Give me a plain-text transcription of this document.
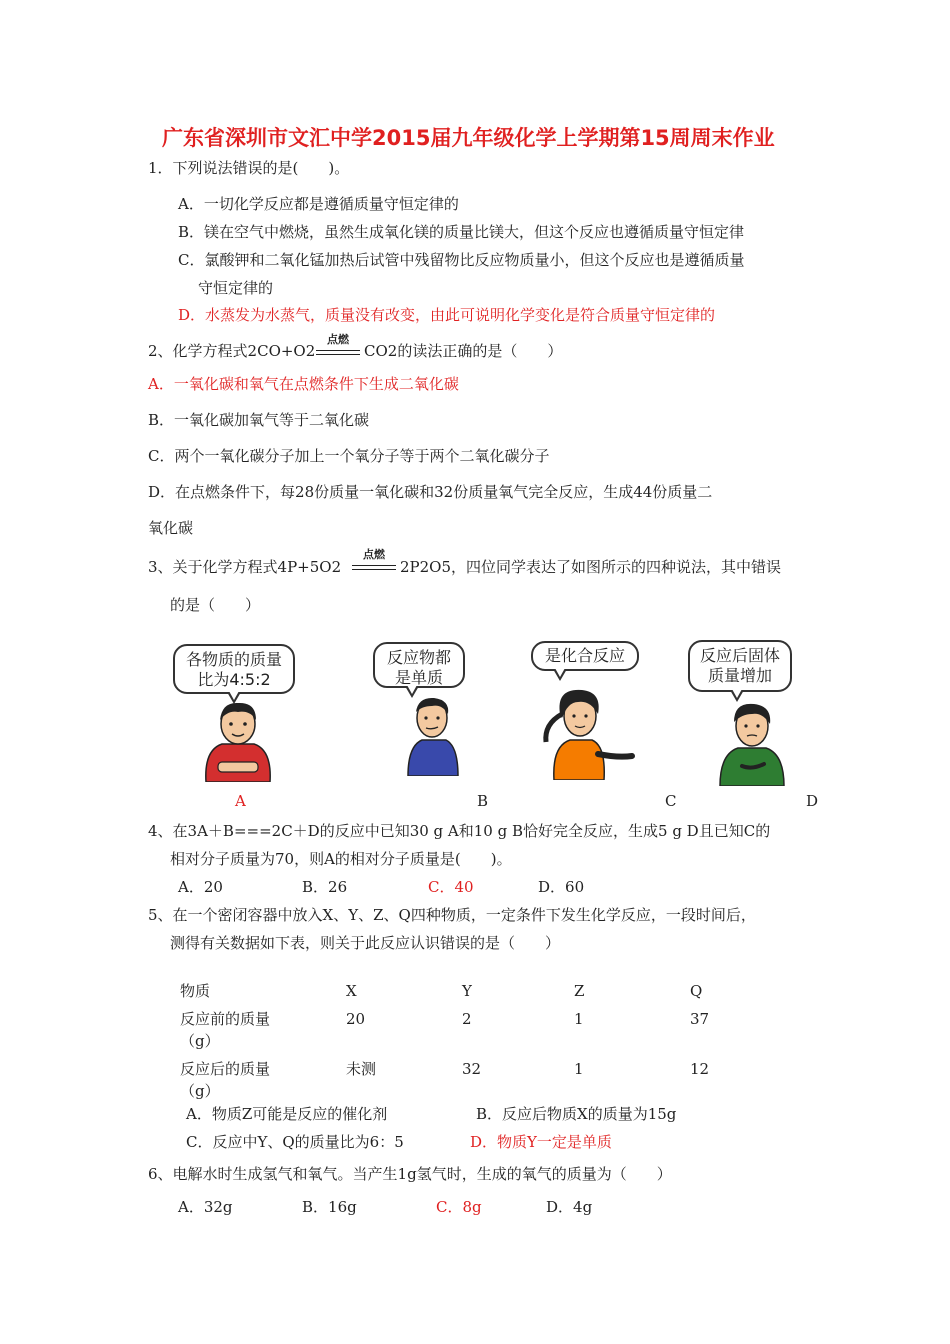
广东省深圳市文汇中学2015届九年级化学上学期第15周周末作业
1．下列说法错误的是(　　)。
A．一切化学反应都是遵循质量守恒定律的
B．镁在空气中燃烧，虽然生成氧化镁的质量比镁大，但这个反应也遵循质量守恒定律
C．氯酸钾和二氧化锰加热后试管中残留物比反应物质量小，但这个反应也是遵循质量
守恒定律的
D．水蒸发为水蒸气，质量没有改变，由此可说明化学变化是符合质量守恒定律的
2、化学方程式2CO+O2
点燃
CO2的读法正确的是（　　）
A．一氧化碳和氧气在点燃条件下生成二氧化碳
B．一氧化碳加氧气等于二氧化碳
C．两个一氧化碳分子加上一个氧分子等于两个二氧化碳分子
D．在点燃条件下，每28份质量一氧化碳和32份质量氧气完全反应，生成44份质量二
氧化碳
3、关于化学方程式4P+5O2
点燃
2P2O5，四位同学表达了如图所示的四种说法，其中错误
的是（　　）
各物质的质量
比为4:5:2
反应物都
是单质
是化合反应	反应后固体
质量增加
A	B	C	D
4、在3A＋B===2C＋D的反应中已知30 g A和10 g B恰好完全反应，生成5 g D且已知C的
相对分子质量为70，则A的相对分子质量是(　　)。
A．20	B．26	C．40	D．60
5、在一个密闭容器中放入X、Y、Z、Q四种物质，一定条件下发生化学反应，一段时间后，
测得有关数据如下表，则关于此反应认识错误的是（　　）
物质	X	Y	Z	Q

反应前的质量	20	2	1	37
（g）				

反应后的质量	未测	32	1	12
（g）				
A．物质Z可能是反应的催化剂	B．反应后物质X的质量为15g
C．反应中Y、Q的质量比为6：5	D．物质Y一定是单质
6、电解水时生成氢气和氧气。当产生1g氢气时，生成的氧气的质量为（　　）
A．32g	B．16g	C．8g	D．4g
